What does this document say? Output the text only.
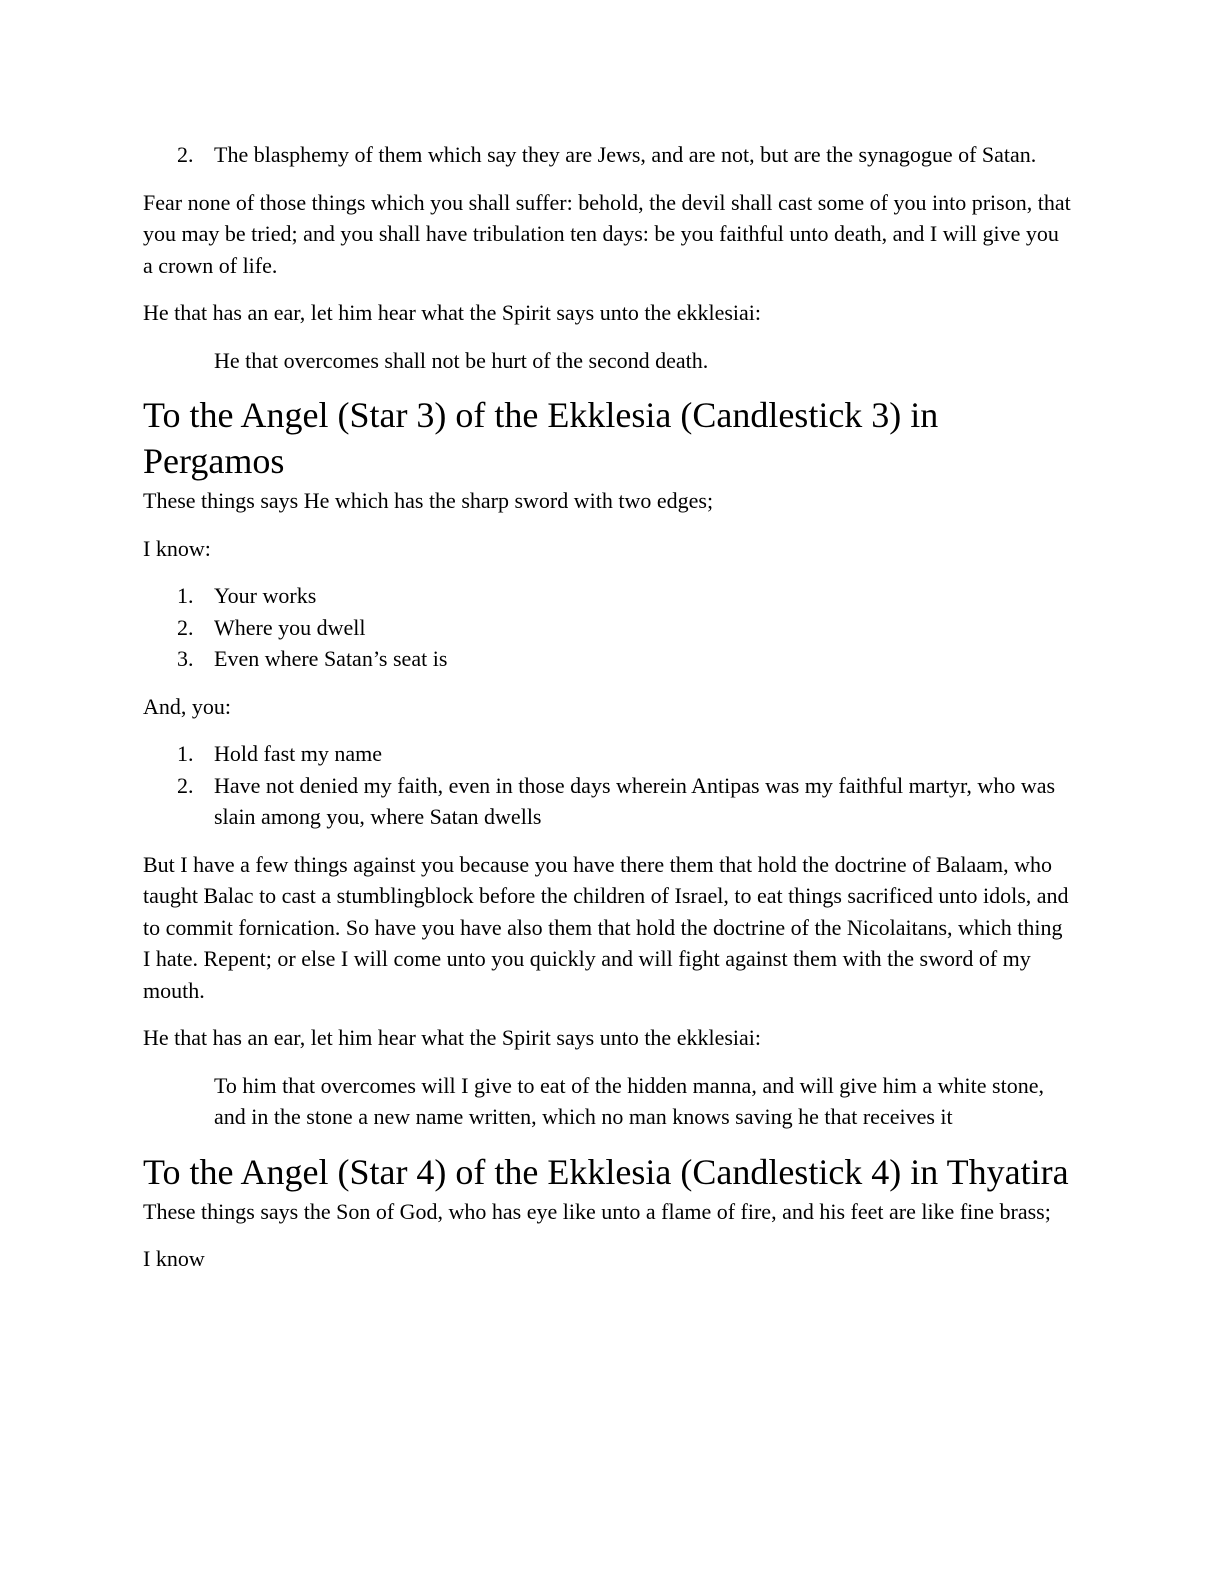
2. The blasphemy of them which say they are Jews, and are not, but are the synagogue of Satan.

Fear none of those things which you shall suffer: behold, the devil shall cast some of you into prison, that you may be tried; and you shall have tribulation ten days: be you faithful unto death, and I will give you a crown of life.

He that has an ear, let him hear what the Spirit says unto the ekklesiai:

He that overcomes shall not be hurt of the second death.

To the Angel (Star 3) of the Ekklesia (Candlestick 3) in Pergamos

These things says He which has the sharp sword with two edges;

I know:

1. Your works
2. Where you dwell
3. Even where Satan’s seat is

And, you:

1. Hold fast my name
2. Have not denied my faith, even in those days wherein Antipas was my faithful martyr, who was slain among you, where Satan dwells

But I have a few things against you because you have there them that hold the doctrine of Balaam, who taught Balac to cast a stumblingblock before the children of Israel, to eat things sacrificed unto idols, and to commit fornication. So have you have also them that hold the doctrine of the Nicolaitans, which thing I hate. Repent; or else I will come unto you quickly and will fight against them with the sword of my mouth.

He that has an ear, let him hear what the Spirit says unto the ekklesiai:

To him that overcomes will I give to eat of the hidden manna, and will give him a white stone, and in the stone a new name written, which no man knows saving he that receives it

To the Angel (Star 4) of the Ekklesia (Candlestick 4) in Thyatira

These things says the Son of God, who has eye like unto a flame of fire, and his feet are like fine brass;

I know
